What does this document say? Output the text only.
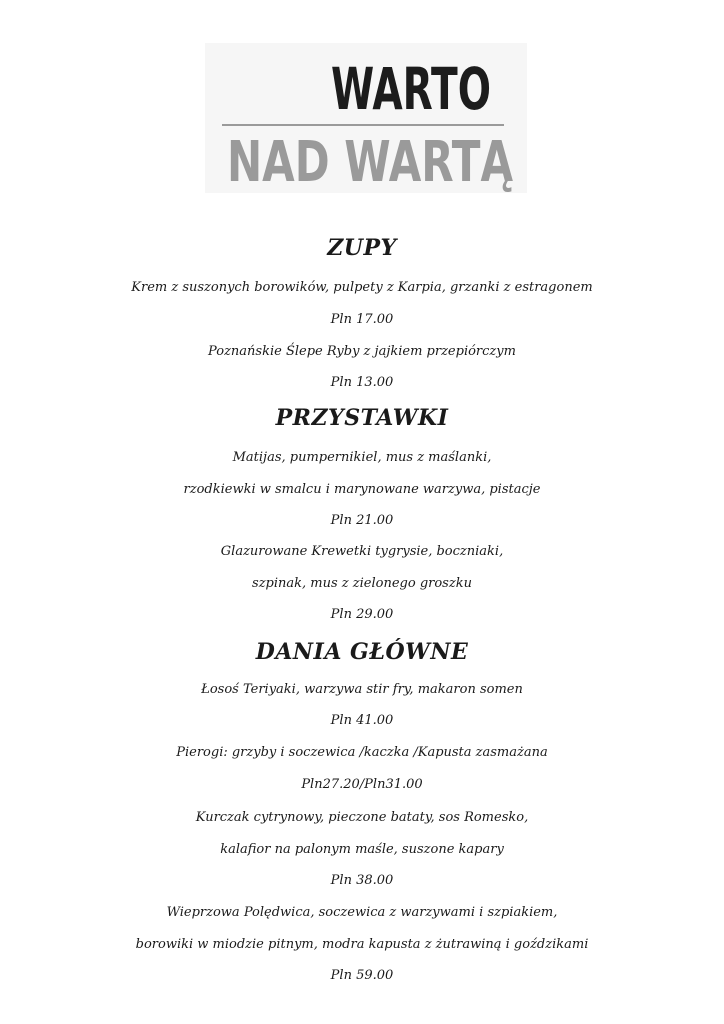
WARTO
NAD WARTĄ
ZUPY
Krem z suszonych borowików, pulpety z Karpia, grzanki z estragonem
Pln 17.00
Poznańskie Ślepe Ryby z jajkiem przepiórczym
Pln 13.00
PRZYSTAWKI
Matijas, pumpernikiel, mus z maślanki,
rzodkiewki w smalcu i marynowane warzywa, pistacje
Pln 21.00
Glazurowane Krewetki tygrysie, boczniaki,
szpinak, mus z zielonego groszku
Pln 29.00
DANIA GŁÓWNE
Łosoś Teriyaki, warzywa stir fry, makaron somen
Pln 41.00
Pierogi: grzyby i soczewica /kaczka /Kapusta zasmażana
Pln27.20/Pln31.00
Kurczak cytrynowy, pieczone bataty, sos Romesko,
kalafior na palonym maśle, suszone kapary
Pln 38.00
Wieprzowa Polędwica, soczewica z warzywami i szpiakiem,
borowiki w miodzie pitnym, modra kapusta z żutrawiną i goździkami
Pln 59.00
